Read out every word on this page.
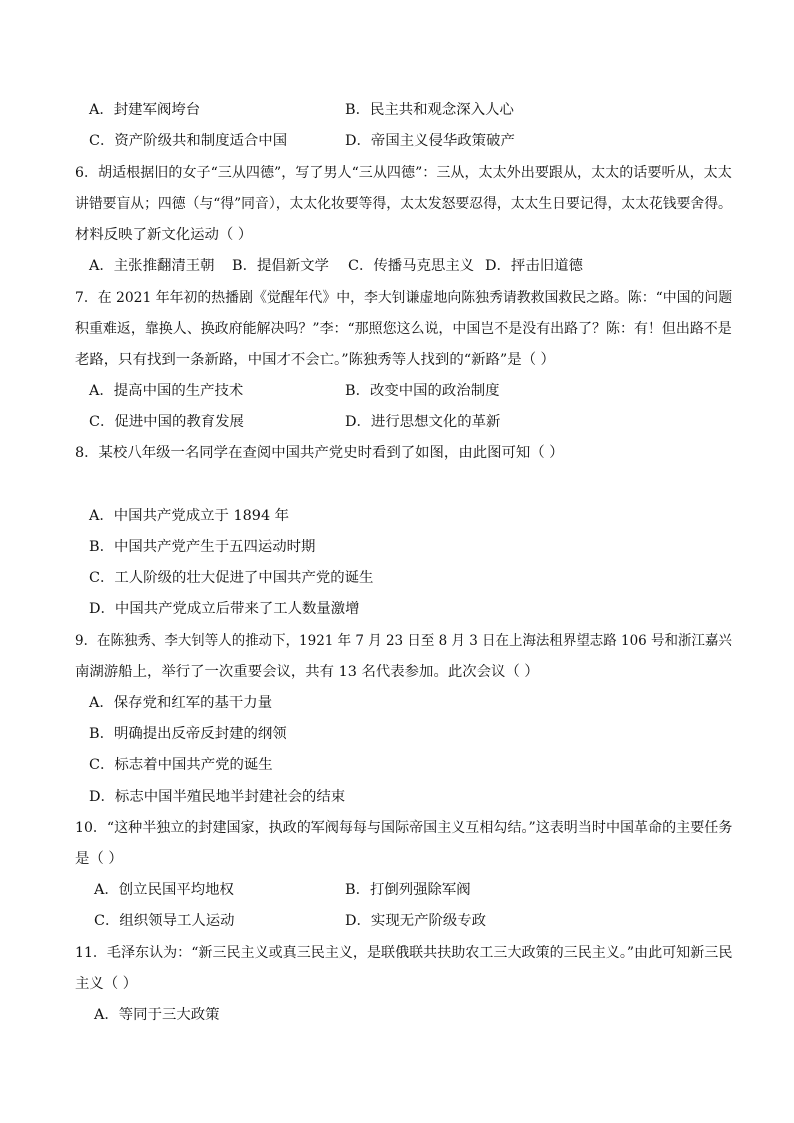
A．封建军阀垮台	B．民主共和观念深入人心
C．资产阶级共和制度适合中国	D．帝国主义侵华政策破产
6．胡适根据旧的女子“三从四德”，写了男人“三从四德”：三从，太太外出要跟从，太太的话要听从，太太
讲错要盲从；四德（与“得”同音），太太化妆要等得，太太发怒要忍得，太太生日要记得，太太花钱要舍得。
材料反映了新文化运动（ ）
A．主张推翻清王朝 B．提倡新文学 C．传播马克思主义 D．抨击旧道德
7．在 2021 年年初的热播剧《觉醒年代》中，李大钊谦虚地向陈独秀请教救国救民之路。陈：“中国的问题
积重难返，靠换人、换政府能解决吗？”李：“那照您这么说，中国岂不是没有出路了？陈：有！但出路不是
老路，只有找到一条新路，中国才不会亡。”陈独秀等人找到的“新路”是（ ）
A．提高中国的生产技术	B．改变中国的政治制度
C．促进中国的教育发展	D．进行思想文化的革新
8．某校八年级一名同学在查阅中国共产党史时看到了如图，由此图可知（ ）
A．中国共产党成立于 1894 年
B．中国共产党产生于五四运动时期
C．工人阶级的壮大促进了中国共产党的诞生
D．中国共产党成立后带来了工人数量激增
9．在陈独秀、李大钊等人的推动下，1921 年 7 月 23 日至 8 月 3 日在上海法租界望志路 106 号和浙江嘉兴
南湖游船上，举行了一次重要会议，共有 13 名代表参加。此次会议（ ）
A．保存党和红军的基干力量
B．明确提出反帝反封建的纲领
C．标志着中国共产党的诞生
D．标志中国半殖民地半封建社会的结束
10．“这种半独立的封建国家，执政的军阀每每与国际帝国主义互相勾结。”这表明当时中国革命的主要任务
是（ ）
A．创立民国平均地权	B．打倒列强除军阀
C．组织领导工人运动	D．实现无产阶级专政
11．毛泽东认为：“新三民主义或真三民主义，是联俄联共扶助农工三大政策的三民主义。”由此可知新三民
主义（ ）
A．等同于三大政策
